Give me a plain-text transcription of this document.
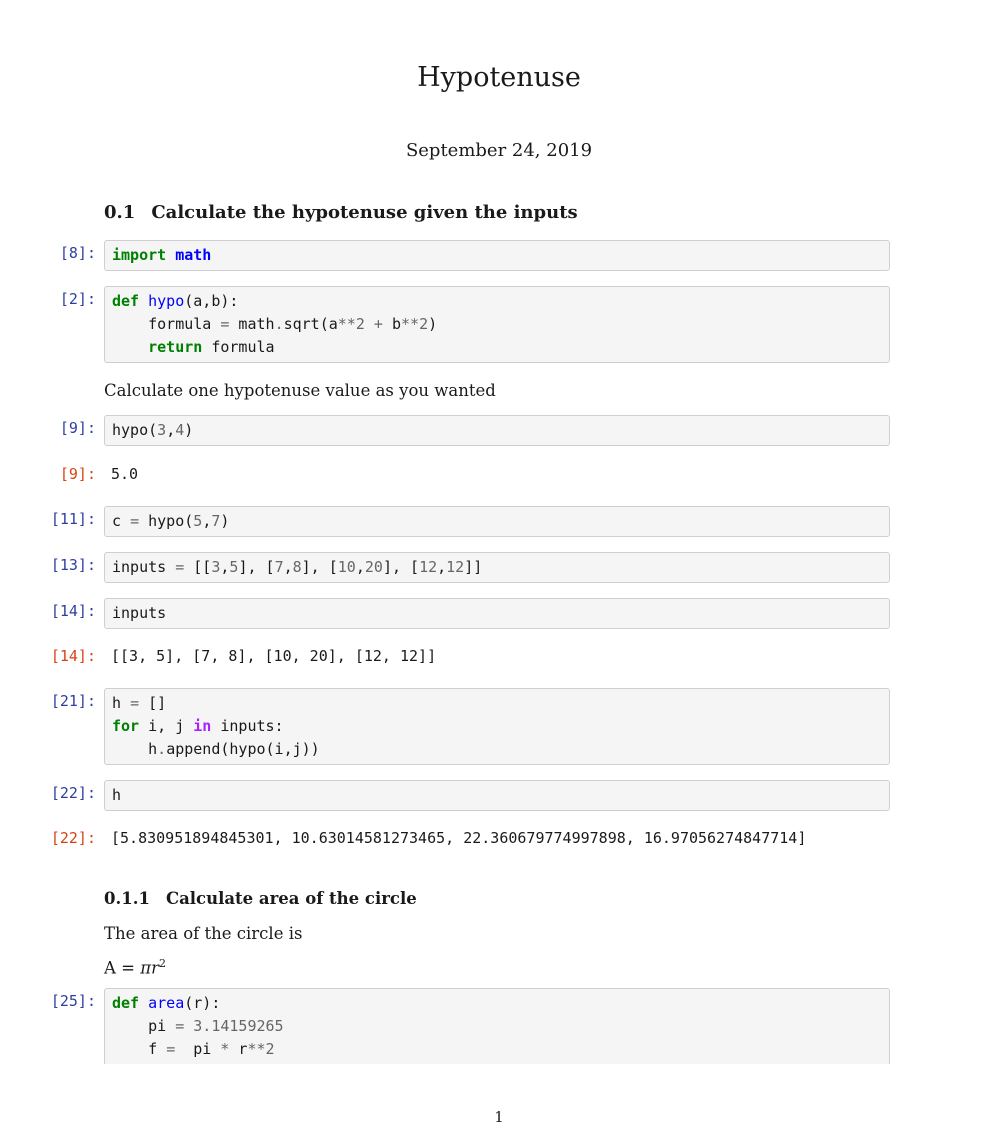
Hypotenuse
September 24, 2019
0.1 Calculate the hypotenuse given the inputs
[8]:	import math
[2]:	def hypo(a,b):
formula = math.sqrt(a**2 + b**2)
return formula
Calculate one hypotenuse value as you wanted
[9]:	hypo(3,4)
[9]: 5.0
[11]:	c = hypo(5,7)
[13]:	inputs = [[3,5], [7,8], [10,20], [12,12]]
[14]:	inputs
[14]: [[3, 5], [7, 8], [10, 20], [12, 12]]
[21]:	h = []
for i, j in inputs:
h.append(hypo(i,j))
[22]:	h
[22]: [5.830951894845301, 10.63014581273465, 22.360679774997898, 16.97056274847714]
0.1.1 Calculate area of the circle
The area of the circle is
$A = \pi r^2$
[25]:	def area(r):
pi = 3.14159265
f =  pi * r**2
1
